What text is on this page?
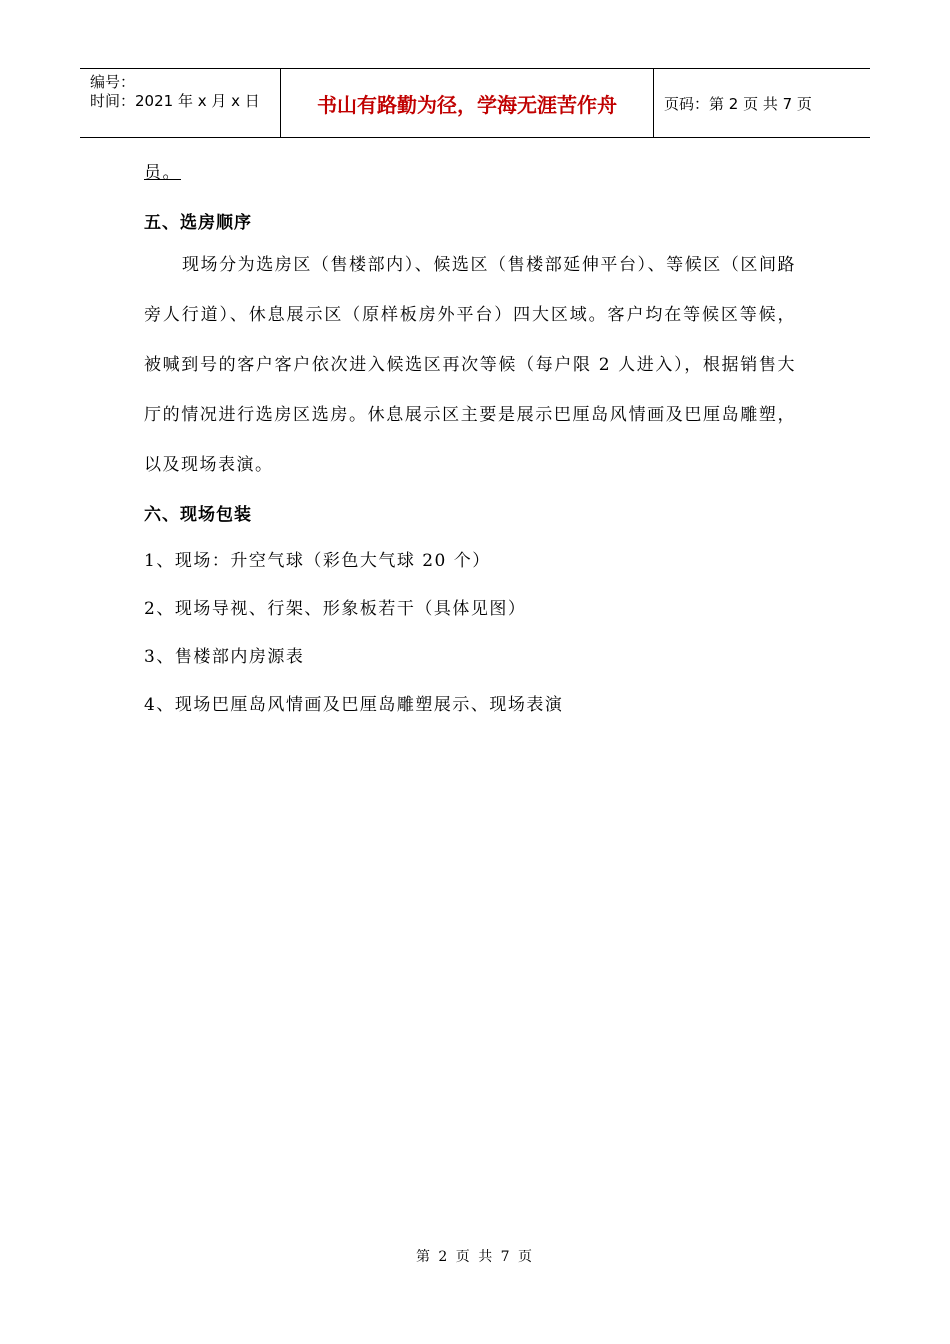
编号：
时间：2021 年 x 月 x 日	书山有路勤为径，学海无涯苦作舟	页码：第 2 页 共 7 页
员。
五、选房顺序
现场分为选房区（售楼部内）、候选区（售楼部延伸平台）、等候区（区间路旁人行道）、休息展示区（原样板房外平台）四大区域。客户均在等候区等候，被喊到号的客户客户依次进入候选区再次等候（每户限 2 人进入），根据销售大厅的情况进行选房区选房。休息展示区主要是展示巴厘岛风情画及巴厘岛雕塑，以及现场表演。
六、现场包装
1、现场：升空气球（彩色大气球 20 个）
2、现场导视、行架、形象板若干（具体见图）
3、售楼部内房源表
4、现场巴厘岛风情画及巴厘岛雕塑展示、现场表演
第 2 页 共 7 页
